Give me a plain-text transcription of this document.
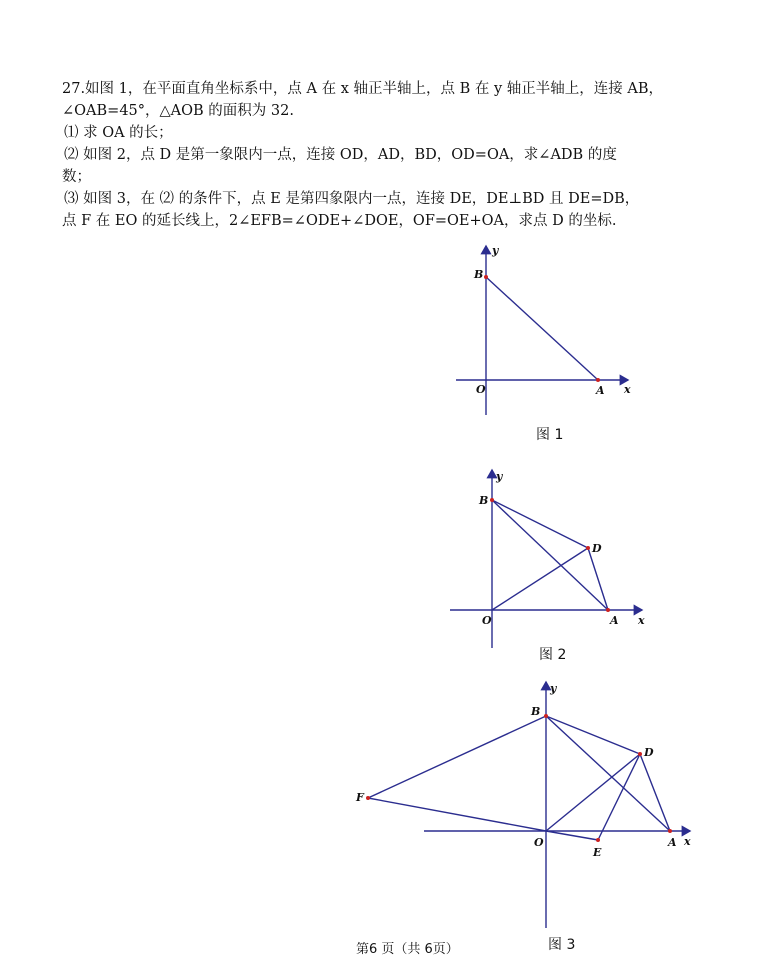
27.如图 1，在平面直角坐标系中，点 A 在 x 轴正半轴上，点 B 在 y 轴正半轴上，连接 AB，

∠OAB=45°，△AOB 的面积为 32.

⑴ 求 OA 的长；

⑵ 如图 2，点 D 是第一象限内一点，连接 OD，AD，BD，OD=OA，求∠ADB 的度

数；

⑶ 如图 3，在 ⑵ 的条件下，点 E 是第四象限内一点，连接 DE，DE⊥BD 且 DE=DB，

点 F 在 EO 的延长线上，2∠EFB=∠ODE+∠DOE，OF=OE+OA，求点 D 的坐标.

y
B
O	A x
图 1
y
B
D
O	A x
图 2
y
B
D
F
O	A x
E
图 3
第6 页（共 6页）
